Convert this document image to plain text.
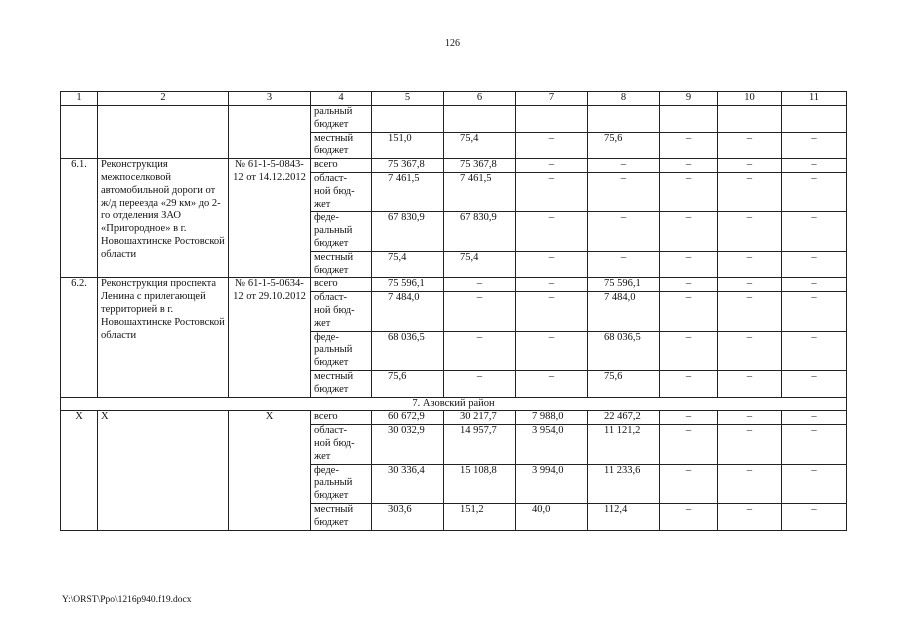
126
1	2	3	4	5	6	7	8	9	10	11
			ральный
бюджет							
			местный
бюджет	151,0	75,4	–	75,6	–	–	–
6.1.	Реконструкция межпоселковой автомобильной дороги от ж/д переезда «29 км» до 2-го отделения ЗАО «Пригородное» в г. Новошахтинске Ростовской области	№ 61-1-5-0843-12 от 14.12.2012	всего	75 367,8	75 367,8	–	–	–	–	–
			област-
ной бюд-
жет	7 461,5	7 461,5	–	–	–	–	–
			феде-
ральный
бюджет	67 830,9	67 830,9	–	–	–	–	–
			местный
бюджет	75,4	75,4	–	–	–	–	–
6.2.	Реконструкция проспекта Ленина с прилегающей территорией в г. Новошахтинске Ростовской области	№ 61-1-5-0634-12 от 29.10.2012	всего	75 596,1	–	–	75 596,1	–	–	–
			област-
ной бюд-
жет	7 484,0	–	–	7 484,0	–	–	–
			феде-
ральный
бюджет	68 036,5	–	–	68 036,5	–	–	–
			местный
бюджет	75,6	–	–	75,6	–	–	–
7. Азовский район										
Х	Х	Х	всего	60 672,9	30 217,7	7 988,0	22 467,2	–	–	–
			област-
ной бюд-
жет	30 032,9	14 957,7	3 954,0	11 121,2	–	–	–
			феде-
ральный
бюджет	30 336,4	15 108,8	3 994,0	11 233,6	–	–	–
			местный
бюджет	303,6	151,2	40,0	112,4	–	–	–
Y:\ORST\Ppo\1216p940.f19.docx
